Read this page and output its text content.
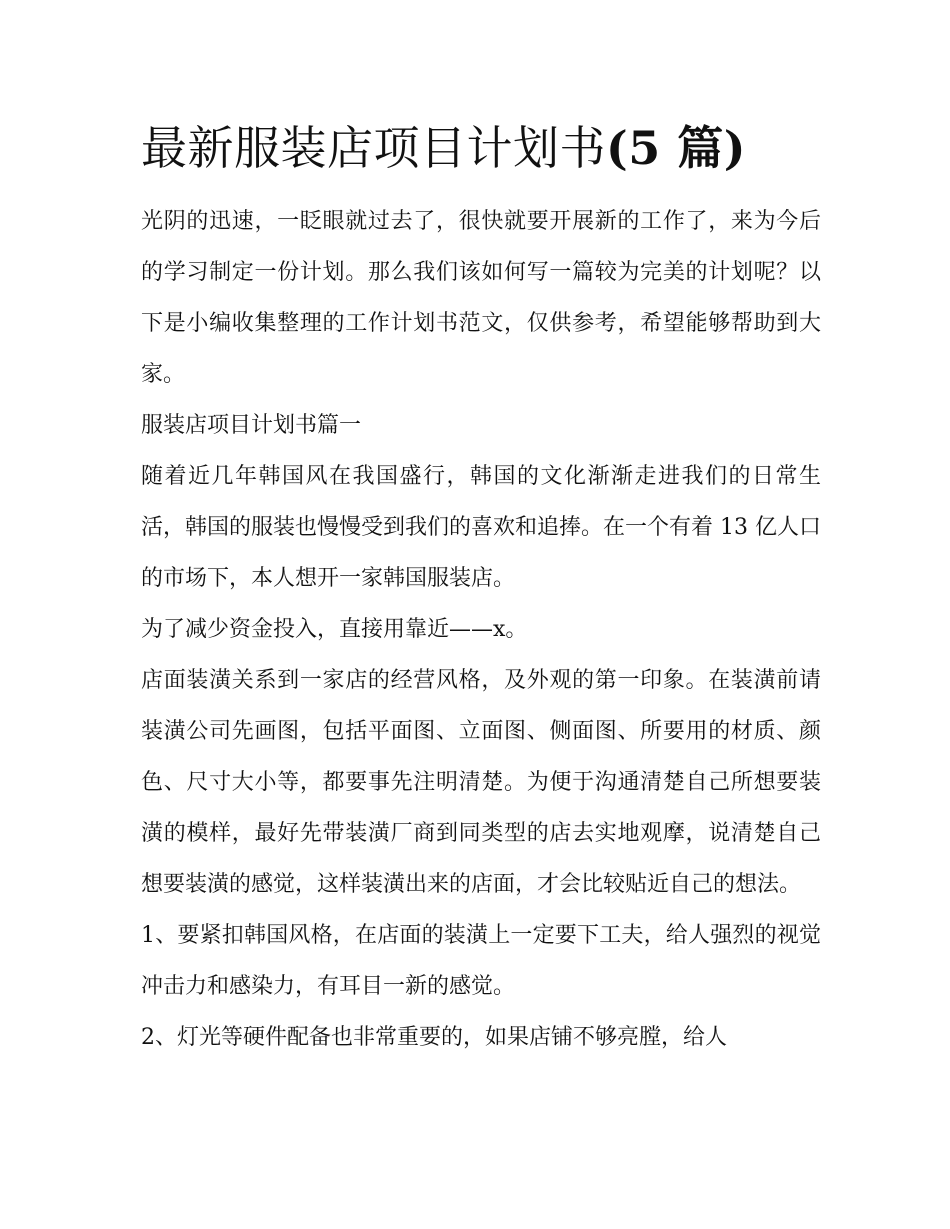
最新服装店项目计划书(5 篇)

光阴的迅速，一眨眼就过去了，很快就要开展新的工作了，来为今后的学习制定一份计划。那么我们该如何写一篇较为完美的计划呢？以下是小编收集整理的工作计划书范文，仅供参考，希望能够帮助到大家。

服装店项目计划书篇一

随着近几年韩国风在我国盛行，韩国的文化渐渐走进我们的日常生活，韩国的服装也慢慢受到我们的喜欢和追捧。在一个有着 13 亿人口的市场下，本人想开一家韩国服装店。

为了减少资金投入，直接用靠近——x。

店面装潢关系到一家店的经营风格，及外观的第一印象。在装潢前请装潢公司先画图，包括平面图、立面图、侧面图、所要用的材质、颜色、尺寸大小等，都要事先注明清楚。为便于沟通清楚自己所想要装潢的模样，最好先带装潢厂商到同类型的店去实地观摩，说清楚自己想要装潢的感觉，这样装潢出来的店面，才会比较贴近自己的想法。

1、要紧扣韩国风格，在店面的装潢上一定要下工夫，给人强烈的视觉冲击力和感染力，有耳目一新的感觉。

2、灯光等硬件配备也非常重要的，如果店铺不够亮膛，给人
